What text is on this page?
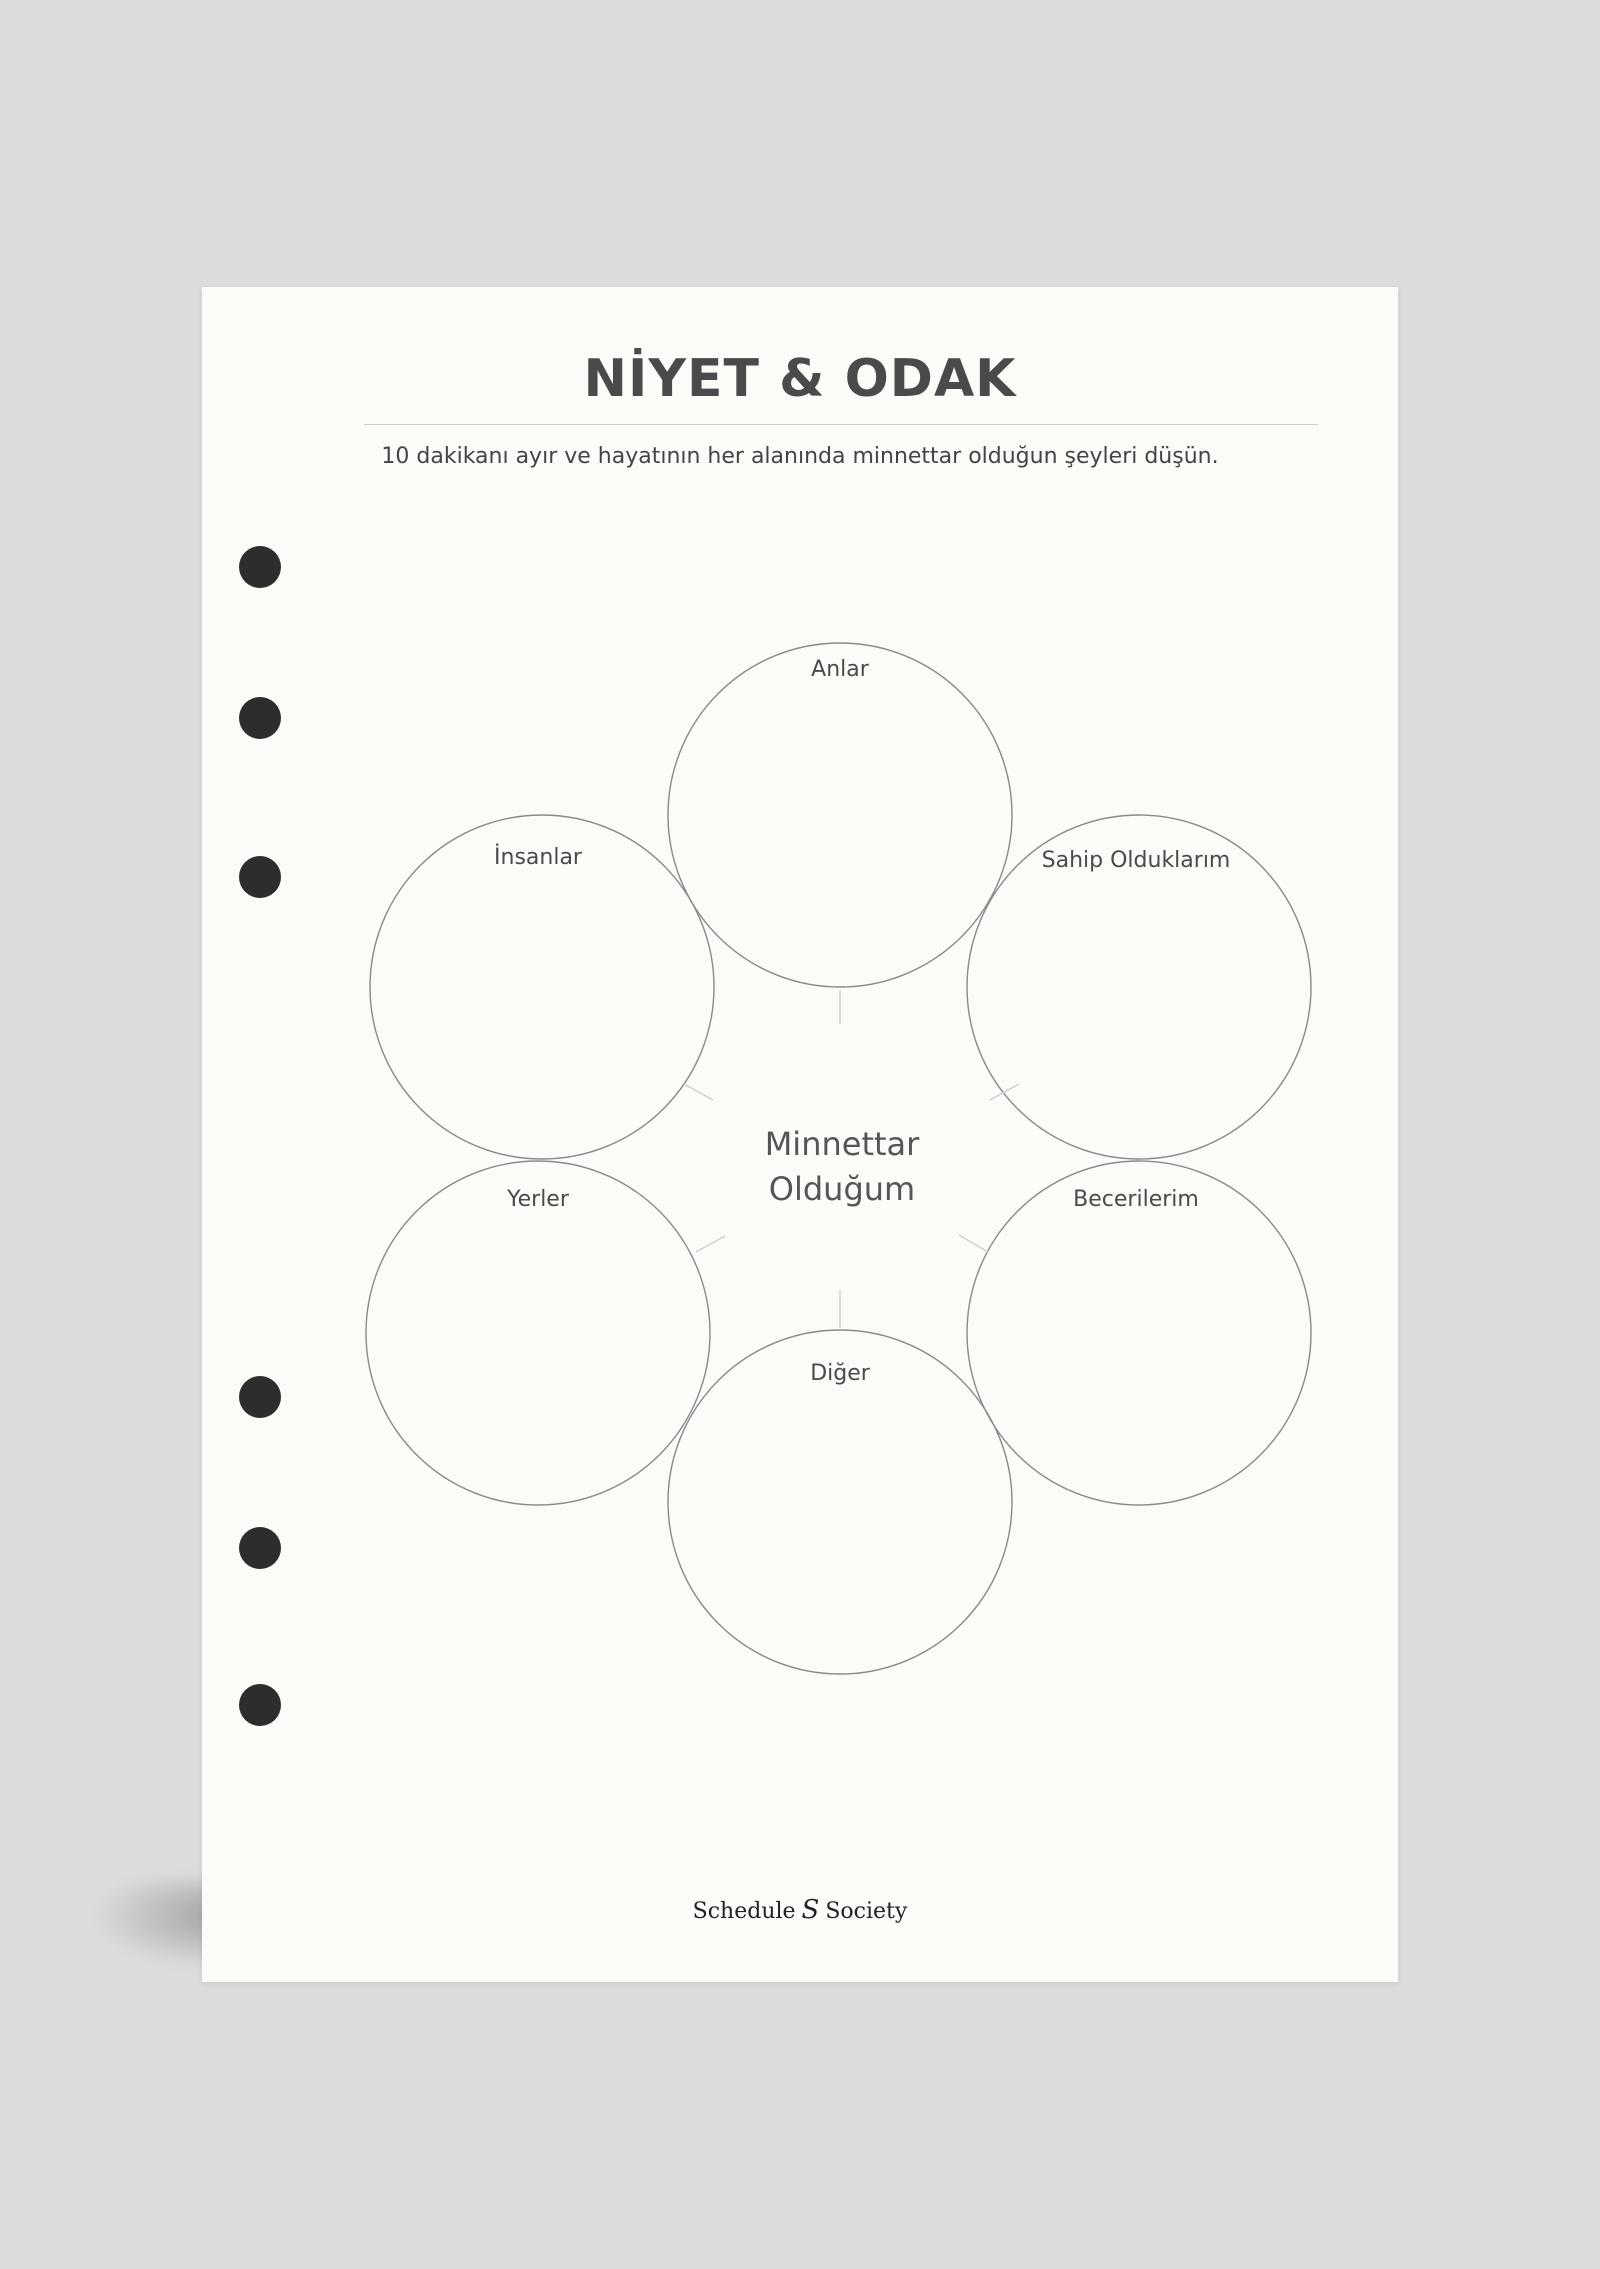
NİYET & ODAK
10 dakikanı ayır ve hayatının her alanında minnettar olduğun şeyleri düşün.
Anlar
İnsanlar	Sahip Olduklarım
Yerler	Becerilerim
Diğer
Minnettar
Olduğum
Schedule S Society
